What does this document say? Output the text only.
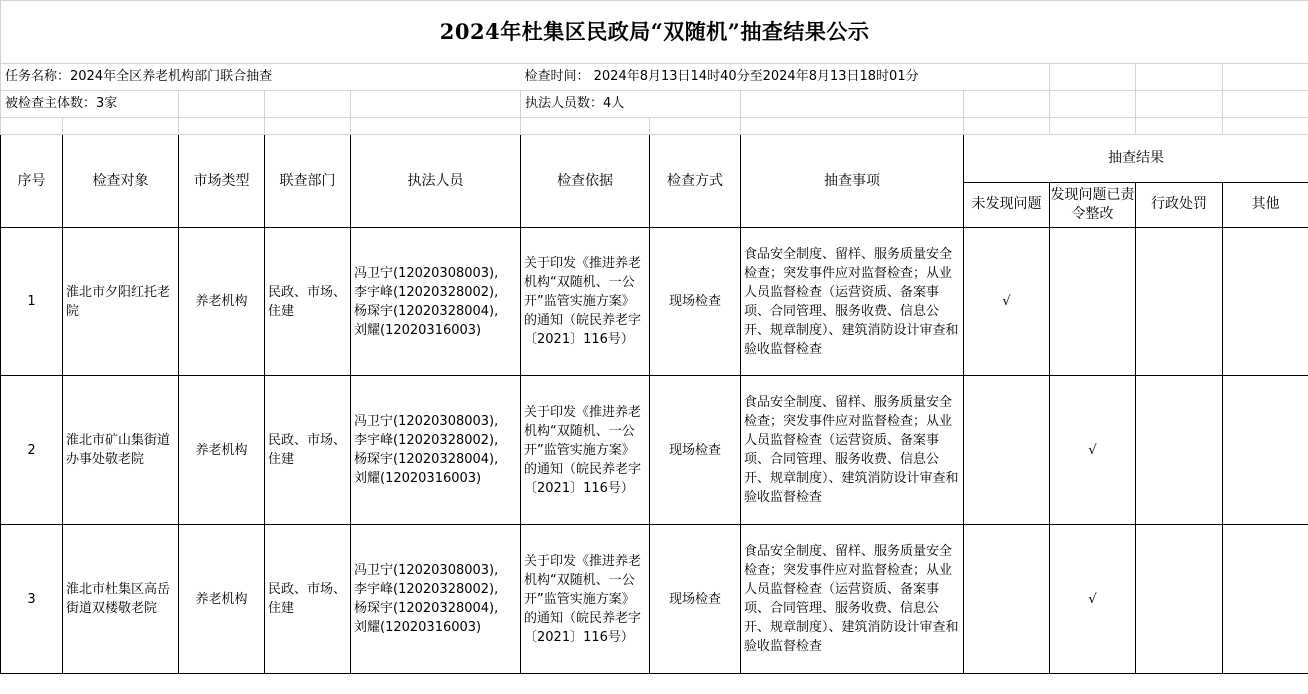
2024年杜集区民政局“双随机”抽查结果公示											
任务名称：2024年全区养老机构部门联合抽查					检查时间： 2024年8月13日14时40分至2024年8月13日18时01分						
被检查主体数：3家					执法人员数：4人						

序号	检查对象	市场类型	联查部门	执法人员	检查依据	检查方式	抽查事项	抽查结果			
								未发现问题	发现问题已责令整改	行政处罚	其他
1	淮北市夕阳红托老院	养老机构	民政、市场、住建	冯卫宁(12020308003),
李宇峰(12020328002),
杨琛宇(12020328004),
刘耀(12020316003)	关于印发《推进养老机构“双随机、一公开”监管实施方案》的通知（皖民养老字〔2021〕116号）	现场检查	食品安全制度、留样、服务质量安全检查；突发事件应对监督检查；从业人员监督检查（运营资质、备案事项、合同管理、服务收费、信息公开、规章制度）、建筑消防设计审查和验收监督检查	√			
2	淮北市矿山集街道办事处敬老院	养老机构	民政、市场、住建	冯卫宁(12020308003),
李宇峰(12020328002),
杨琛宇(12020328004),
刘耀(12020316003)	关于印发《推进养老机构“双随机、一公开”监管实施方案》的通知（皖民养老字〔2021〕116号）	现场检查	食品安全制度、留样、服务质量安全检查；突发事件应对监督检查；从业人员监督检查（运营资质、备案事项、合同管理、服务收费、信息公开、规章制度）、建筑消防设计审查和验收监督检查		√		
3	淮北市杜集区高岳街道双楼敬老院	养老机构	民政、市场、住建	冯卫宁(12020308003),
李宇峰(12020328002),
杨琛宇(12020328004),
刘耀(12020316003)	关于印发《推进养老机构“双随机、一公开”监管实施方案》的通知（皖民养老字〔2021〕116号）	现场检查	食品安全制度、留样、服务质量安全检查；突发事件应对监督检查；从业人员监督检查（运营资质、备案事项、合同管理、服务收费、信息公开、规章制度）、建筑消防设计审查和验收监督检查		√		
